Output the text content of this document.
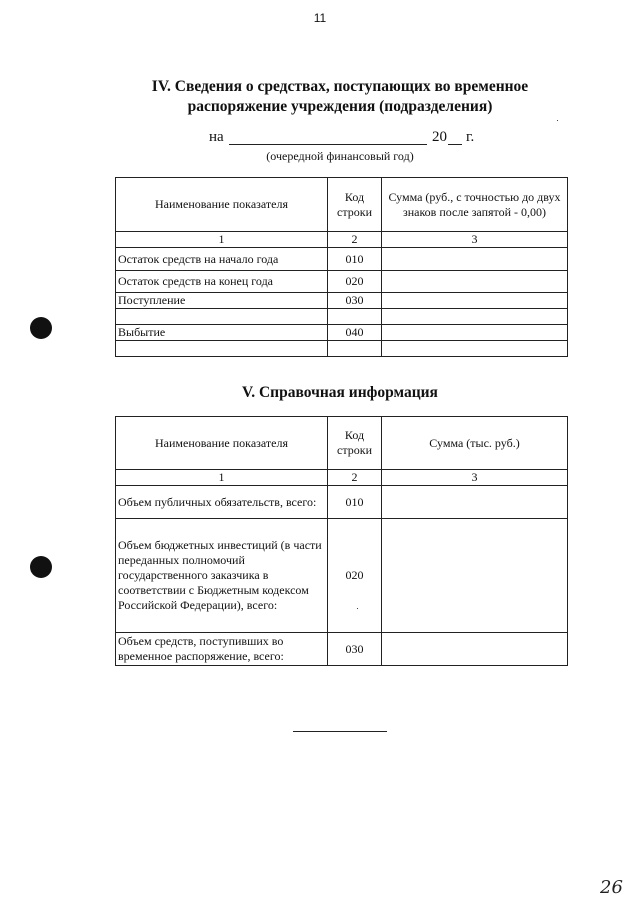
11
IV. Сведения о средствах, поступающих во временное
распоряжение учреждения (подразделения)
на	20 г.
(очередной финансовый год)
Наименование показателя	Код строки	Сумма (руб., с точностью до двух знаков после запятой - 0,00)
1	2	3
Остаток средств на начало года	010	
Остаток средств на конец года	020	
Поступление	030	

Выбытие	040	

V. Справочная информация
Наименование показателя	Код строки	Сумма (тыс. руб.)
1	2	3
Объем публичных обязательств, всего:	010	
Объем бюджетных инвестиций (в части переданных полномочий государственного заказчика в соответствии с Бюджетным кодексом Российской Федерации), всего:	020	
Объем средств, поступивших во временное распоряжение, всего:	030	
26
